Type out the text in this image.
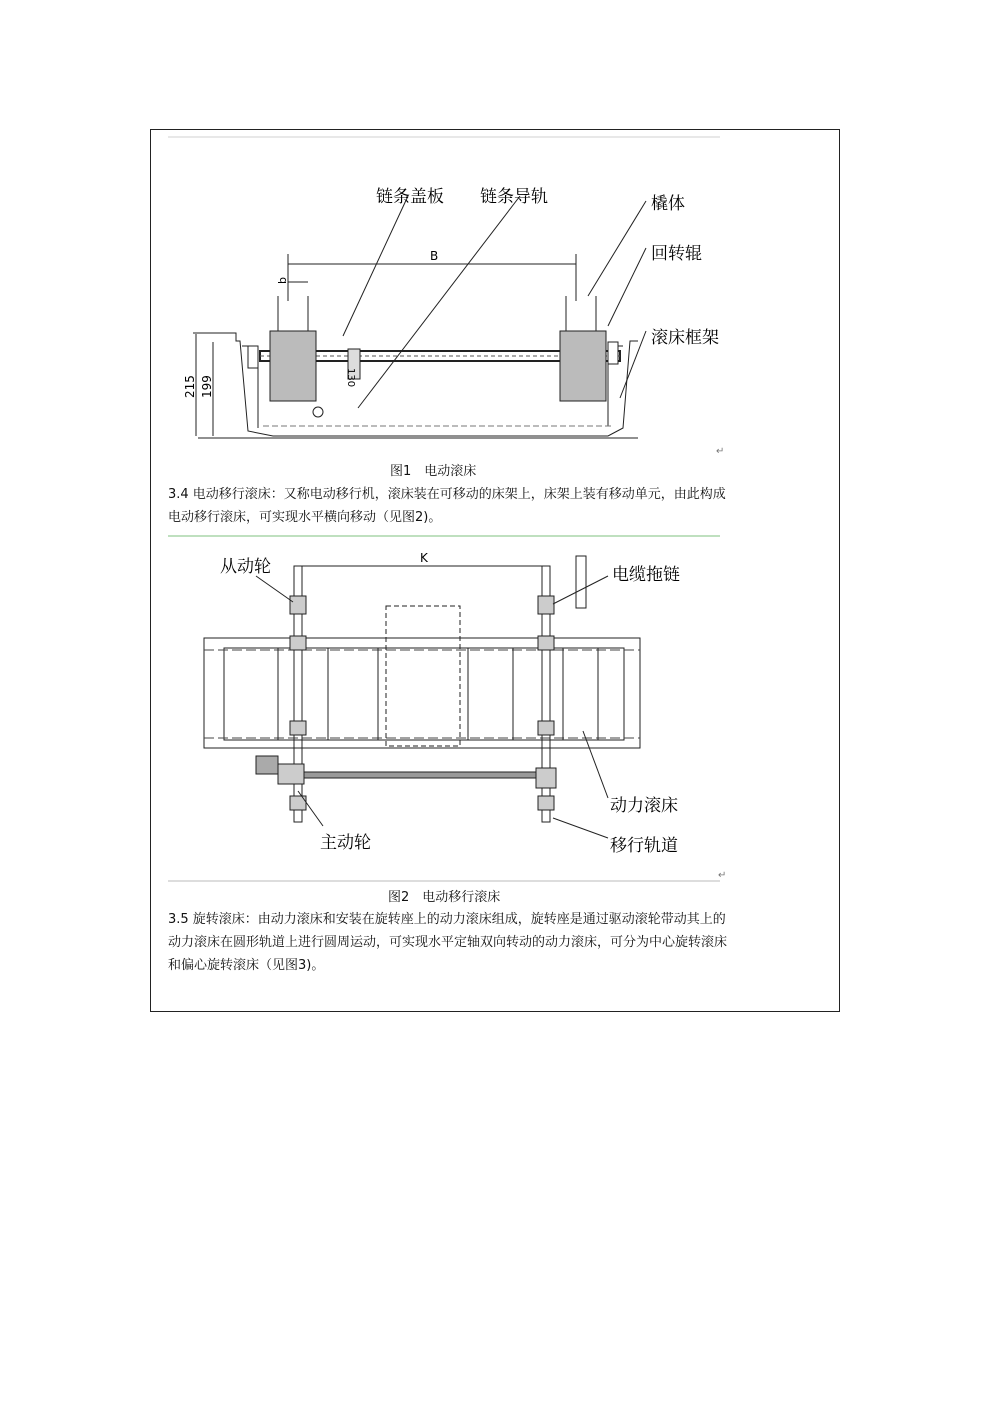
B
b
130
215 199
链条盖板 链条导轨	橇体
回转辊
滚床框架
↵
图1　电动滚床
3.4 电动移行滚床：又称电动移行机，滚床装在可移动的床架上，床架上装有移动单元，由此构成
电动移行滚床，可实现水平横向移动（见图2)。
K
从动轮	电缆拖链
动力滚床
主动轮	移行轨道
↵
图2　电动移行滚床
3.5 旋转滚床：由动力滚床和安装在旋转座上的动力滚床组成，旋转座是通过驱动滚轮带动其上的
动力滚床在圆形轨道上进行圆周运动，可实现水平定轴双向转动的动力滚床，可分为中心旋转滚床
和偏心旋转滚床（见图3)。
